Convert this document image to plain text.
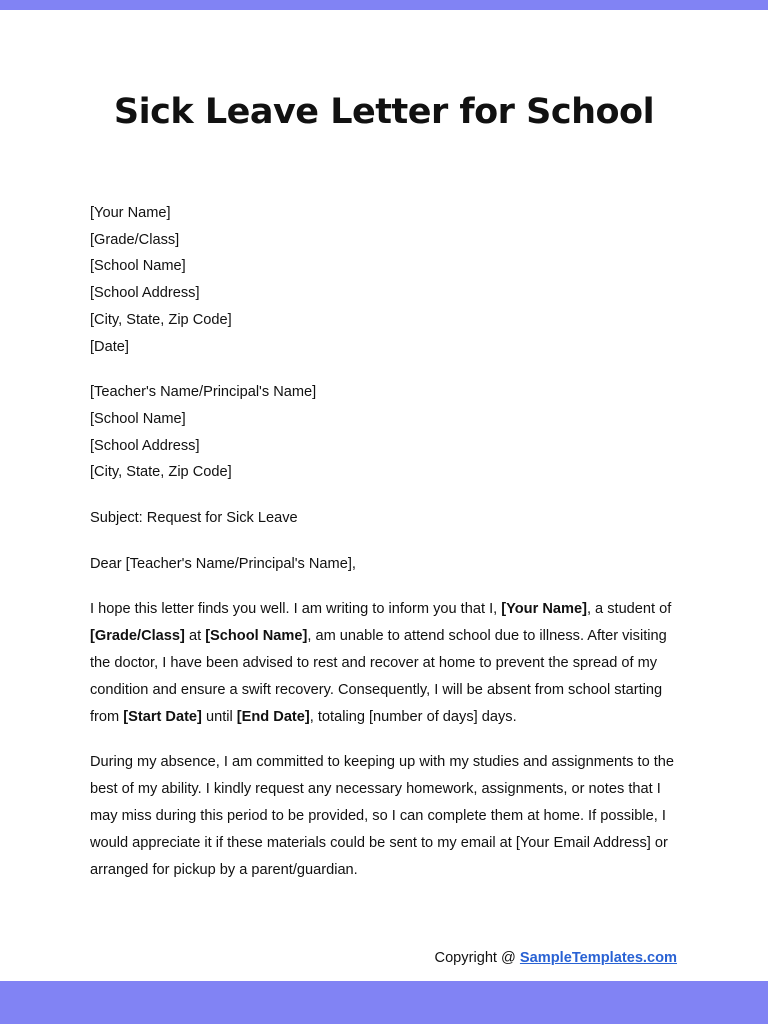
Sick Leave Letter for School
[Your Name]
[Grade/Class]
[School Name]
[School Address]
[City, State, Zip Code]
[Date]
[Teacher's Name/Principal's Name]
[School Name]
[School Address]
[City, State, Zip Code]
Subject: Request for Sick Leave
Dear [Teacher's Name/Principal's Name],

I hope this letter finds you well. I am writing to inform you that I, [Your Name], a student of [Grade/Class] at [School Name], am unable to attend school due to illness. After visiting the doctor, I have been advised to rest and recover at home to prevent the spread of my condition and ensure a swift recovery. Consequently, I will be absent from school starting from [Start Date] until [End Date], totaling [number of days] days.

During my absence, I am committed to keeping up with my studies and assignments to the best of my ability. I kindly request any necessary homework, assignments, or notes that I may miss during this period to be provided, so I can complete them at home. If possible, I would appreciate it if these materials could be sent to my email at [Your Email Address] or arranged for pickup by a parent/guardian.

Copyright @ SampleTemplates.com
